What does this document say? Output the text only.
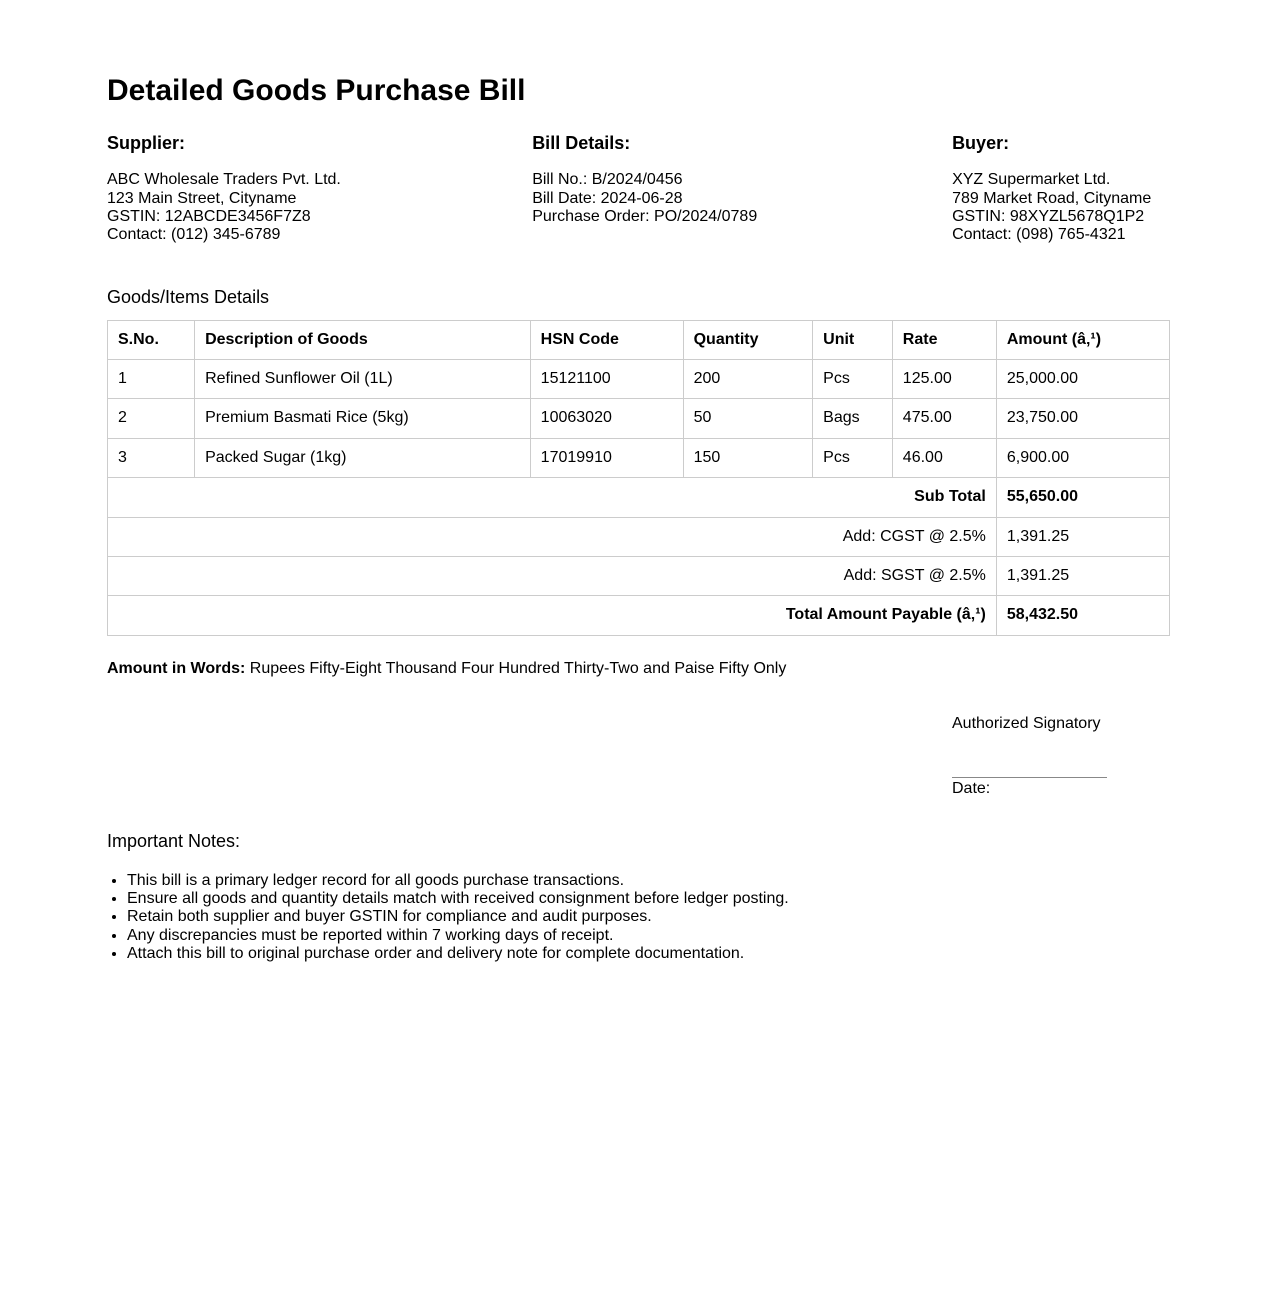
Detailed Goods Purchase Bill
Supplier:
ABC Wholesale Traders Pvt. Ltd.
123 Main Street, Cityname
GSTIN: 12ABCDE3456F7Z8
Contact: (012) 345-6789
Bill Details:
Bill No.: B/2024/0456
Bill Date: 2024-06-28
Purchase Order: PO/2024/0789
Buyer:
XYZ Supermarket Ltd.
789 Market Road, Cityname
GSTIN: 98XYZL5678Q1P2
Contact: (098) 765-4321
Goods/Items Details
S.No.	Description of Goods	HSN Code	Quantity	Unit	Rate	Amount (â‚¹)
1	Refined Sunflower Oil (1L)	15121100	200	Pcs	125.00	25,000.00
2	Premium Basmati Rice (5kg)	10063020	50	Bags	475.00	23,750.00
3	Packed Sugar (1kg)	17019910	150	Pcs	46.00	6,900.00
Sub Total						55,650.00
Add: CGST @ 2.5%						1,391.25
Add: SGST @ 2.5%						1,391.25
Total Amount Payable (â‚¹)						58,432.50

Amount in Words: Rupees Fifty-Eight Thousand Four Hundred Thirty-Two and Paise Fifty Only

Authorized Signatory
Date:
Important Notes:
• This bill is a primary ledger record for all goods purchase transactions.
• Ensure all goods and quantity details match with received consignment before ledger posting.
• Retain both supplier and buyer GSTIN for compliance and audit purposes.
• Any discrepancies must be reported within 7 working days of receipt.
• Attach this bill to original purchase order and delivery note for complete documentation.
